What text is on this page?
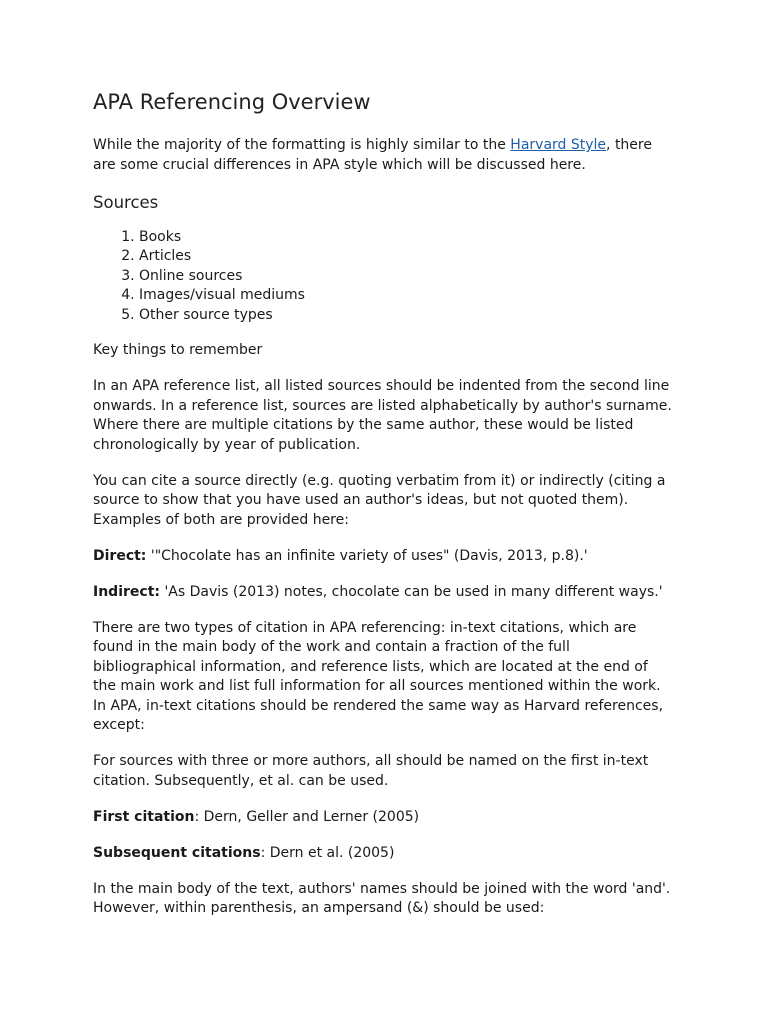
APA Referencing Overview

While the majority of the formatting is highly similar to the Harvard Style, there are some crucial differences in APA style which will be discussed here.

Sources
1. Books
2. Articles
3. Online sources
4. Images/visual mediums
5. Other source types

Key things to remember

In an APA reference list, all listed sources should be indented from the second line onwards. In a reference list, sources are listed alphabetically by author's surname. Where there are multiple citations by the same author, these would be listed chronologically by year of publication.

You can cite a source directly (e.g. quoting verbatim from it) or indirectly (citing a source to show that you have used an author's ideas, but not quoted them). Examples of both are provided here:

Direct: '"Chocolate has an infinite variety of uses" (Davis, 2013, p.8).'

Indirect: 'As Davis (2013) notes, chocolate can be used in many different ways.'

There are two types of citation in APA referencing: in-text citations, which are found in the main body of the work and contain a fraction of the full bibliographical information, and reference lists, which are located at the end of the main work and list full information for all sources mentioned within the work. In APA, in-text citations should be rendered the same way as Harvard references, except:

For sources with three or more authors, all should be named on the first in-text citation. Subsequently, et al. can be used.

First citation: Dern, Geller and Lerner (2005)

Subsequent citations: Dern et al. (2005)

In the main body of the text, authors' names should be joined with the word 'and'. However, within parenthesis, an ampersand (&) should be used:
